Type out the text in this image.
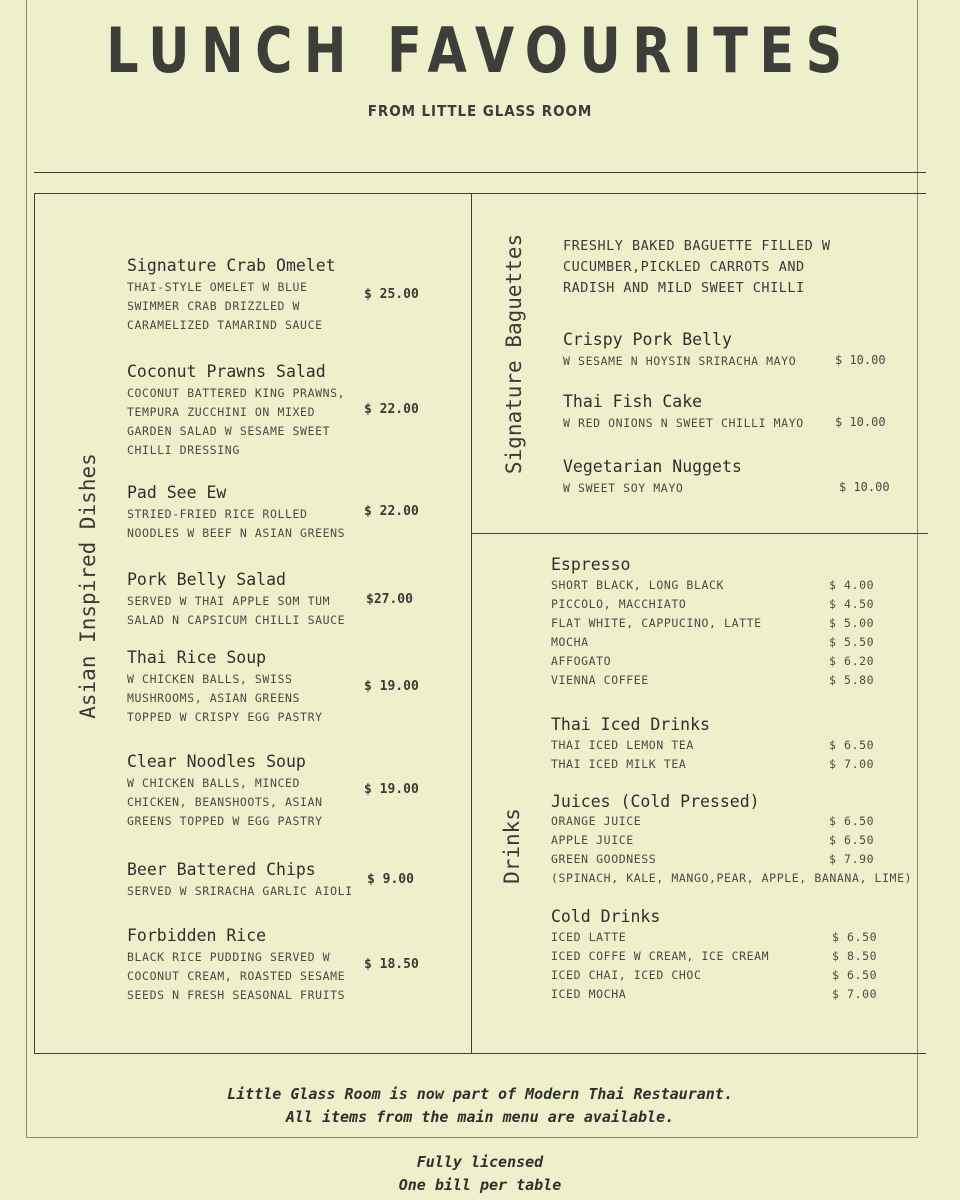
LUNCH FAVOURITES
FROM LITTLE GLASS ROOM
Asian Inspired Dishes
Signature Baguettes
Drinks
Signature Crab Omelet
THAI-STYLE OMELET W BLUE
SWIMMER CRAB DRIZZLED W
CARAMELIZED TAMARIND SAUCE
$ 25.00
Coconut Prawns Salad
COCONUT BATTERED KING PRAWNS,
TEMPURA ZUCCHINI ON MIXED
GARDEN SALAD W SESAME SWEET
CHILLI DRESSING
$ 22.00
Pad See Ew
STRIED-FRIED RICE ROLLED
NOODLES W BEEF N ASIAN GREENS
$ 22.00
Pork Belly Salad
SERVED W THAI APPLE SOM TUM
SALAD N CAPSICUM CHILLI SAUCE
$27.00
Thai Rice Soup
W CHICKEN BALLS, SWISS
MUSHROOMS, ASIAN GREENS
TOPPED W CRISPY EGG PASTRY
$ 19.00
Clear Noodles Soup
W CHICKEN BALLS, MINCED
CHICKEN, BEANSHOOTS, ASIAN
GREENS TOPPED W EGG PASTRY
$ 19.00
Beer Battered Chips
SERVED W SRIRACHA GARLIC AIOLI
$ 9.00
Forbidden Rice
BLACK RICE PUDDING SERVED W
COCONUT CREAM, ROASTED SESAME
SEEDS N FRESH SEASONAL FRUITS
$ 18.50
FRESHLY BAKED BAGUETTE FILLED W
CUCUMBER,PICKLED CARROTS AND
RADISH AND MILD SWEET CHILLI
Crispy Pork Belly
W SESAME N HOYSIN SRIRACHA MAYO	$ 10.00
Thai Fish Cake
W RED ONIONS N SWEET CHILLI MAYO	$ 10.00
Vegetarian Nuggets
W SWEET SOY MAYO	$ 10.00
Espresso
SHORT BLACK, LONG BLACK	$ 4.00
PICCOLO, MACCHIATO	$ 4.50
FLAT WHITE, CAPPUCINO, LATTE	$ 5.00
MOCHA	$ 5.50
AFFOGATO	$ 6.20
VIENNA COFFEE	$ 5.80
Thai Iced Drinks
THAI ICED LEMON TEA	$ 6.50
THAI ICED MILK TEA	$ 7.00
Juices (Cold Pressed)
ORANGE JUICE	$ 6.50
APPLE JUICE	$ 6.50
GREEN GOODNESS	$ 7.90
(SPINACH, KALE, MANGO,PEAR, APPLE, BANANA, LIME)
Cold Drinks
ICED LATTE	$ 6.50
ICED COFFE W CREAM, ICE CREAM	$ 8.50
ICED CHAI, ICED CHOC	$ 6.50
ICED MOCHA	$ 7.00
Little Glass Room is now part of Modern Thai Restaurant.
All items from the main menu are available.
Fully licensed
One bill per table
